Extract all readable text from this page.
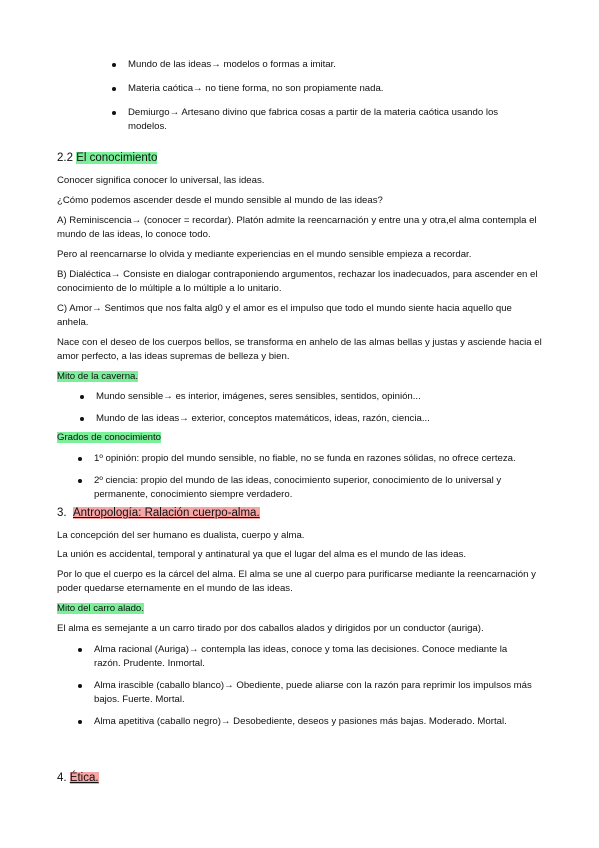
Mundo de las ideas→ modelos o formas a imitar.
Materia caótica→ no tiene forma, no son propiamente nada.
Demiurgo→ Artesano divino que fabrica cosas a partir de la materia caótica usando los modelos.
2.2 El conocimiento
Conocer significa conocer lo universal, las ideas.
¿Cómo podemos ascender desde el mundo sensible al mundo de las ideas?
A) Reminiscencia→ (conocer = recordar). Platón admite la reencarnación y entre una y otra,el alma contempla el mundo de las ideas, lo conoce todo.
Pero al reencarnarse lo olvida y mediante experiencias en el mundo sensible empieza a recordar.
B) Dialéctica→ Consiste en dialogar contraponiendo argumentos, rechazar los inadecuados, para ascender en el conocimiento de lo múltiple a lo múltiple a lo unitario.
C) Amor→ Sentimos que nos falta alg0 y el amor es el impulso que todo el mundo siente hacia aquello que anhela.
Nace con el deseo de los cuerpos bellos, se transforma en anhelo de las almas bellas y justas y asciende hacia el amor perfecto, a las ideas supremas de belleza y bien.
Mito de la caverna.
Mundo sensible→ es interior, imágenes, seres sensibles, sentidos, opinión...
Mundo de las ideas→ exterior, conceptos matemáticos, ideas, razón, ciencia...
Grados de conocimiento
1º opinión: propio del mundo sensible, no fiable, no se funda en razones sólidas, no ofrece certeza.
2º ciencia: propio del mundo de las ideas, conocimiento superior, conocimiento de lo universal y permanente, conocimiento siempre verdadero.
3. Antropología: Ralación cuerpo-alma.
La concepción del ser humano es dualista, cuerpo y alma.
La unión es accidental, temporal y antinatural ya que el lugar del alma es el mundo de las ideas.
Por lo que el cuerpo es la cárcel del alma. El alma se une al cuerpo para purificarse mediante la reencarnación y poder quedarse eternamente en el mundo de las ideas.
Mito del carro alado.
El alma es semejante a un carro tirado por dos caballos alados y dirigidos por un conductor (auriga).
Alma racional (Auriga)→ contempla las ideas, conoce y toma las decisiones. Conoce mediante la razón. Prudente. Inmortal.
Alma irascible (caballo blanco)→ Obediente, puede aliarse con la razón para reprimir los impulsos más bajos. Fuerte. Mortal.
Alma apetitiva (caballo negro)→ Desobediente, deseos y pasiones más bajas. Moderado. Mortal.
4. Ética.
